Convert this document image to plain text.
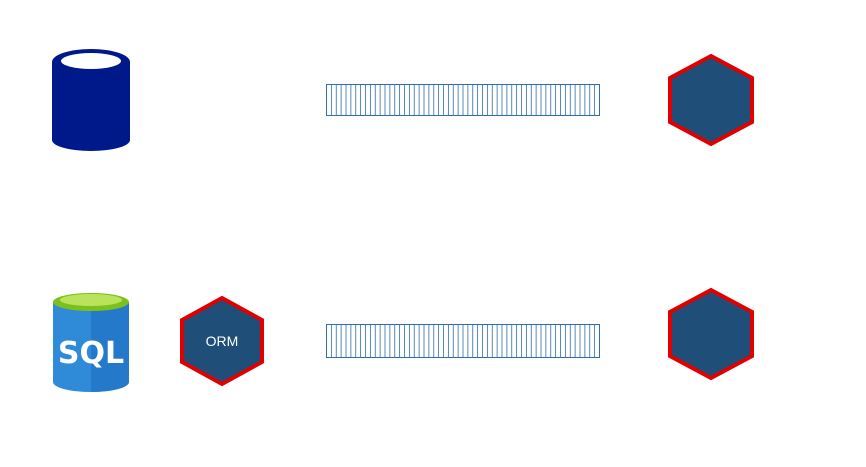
SQL	ORM
